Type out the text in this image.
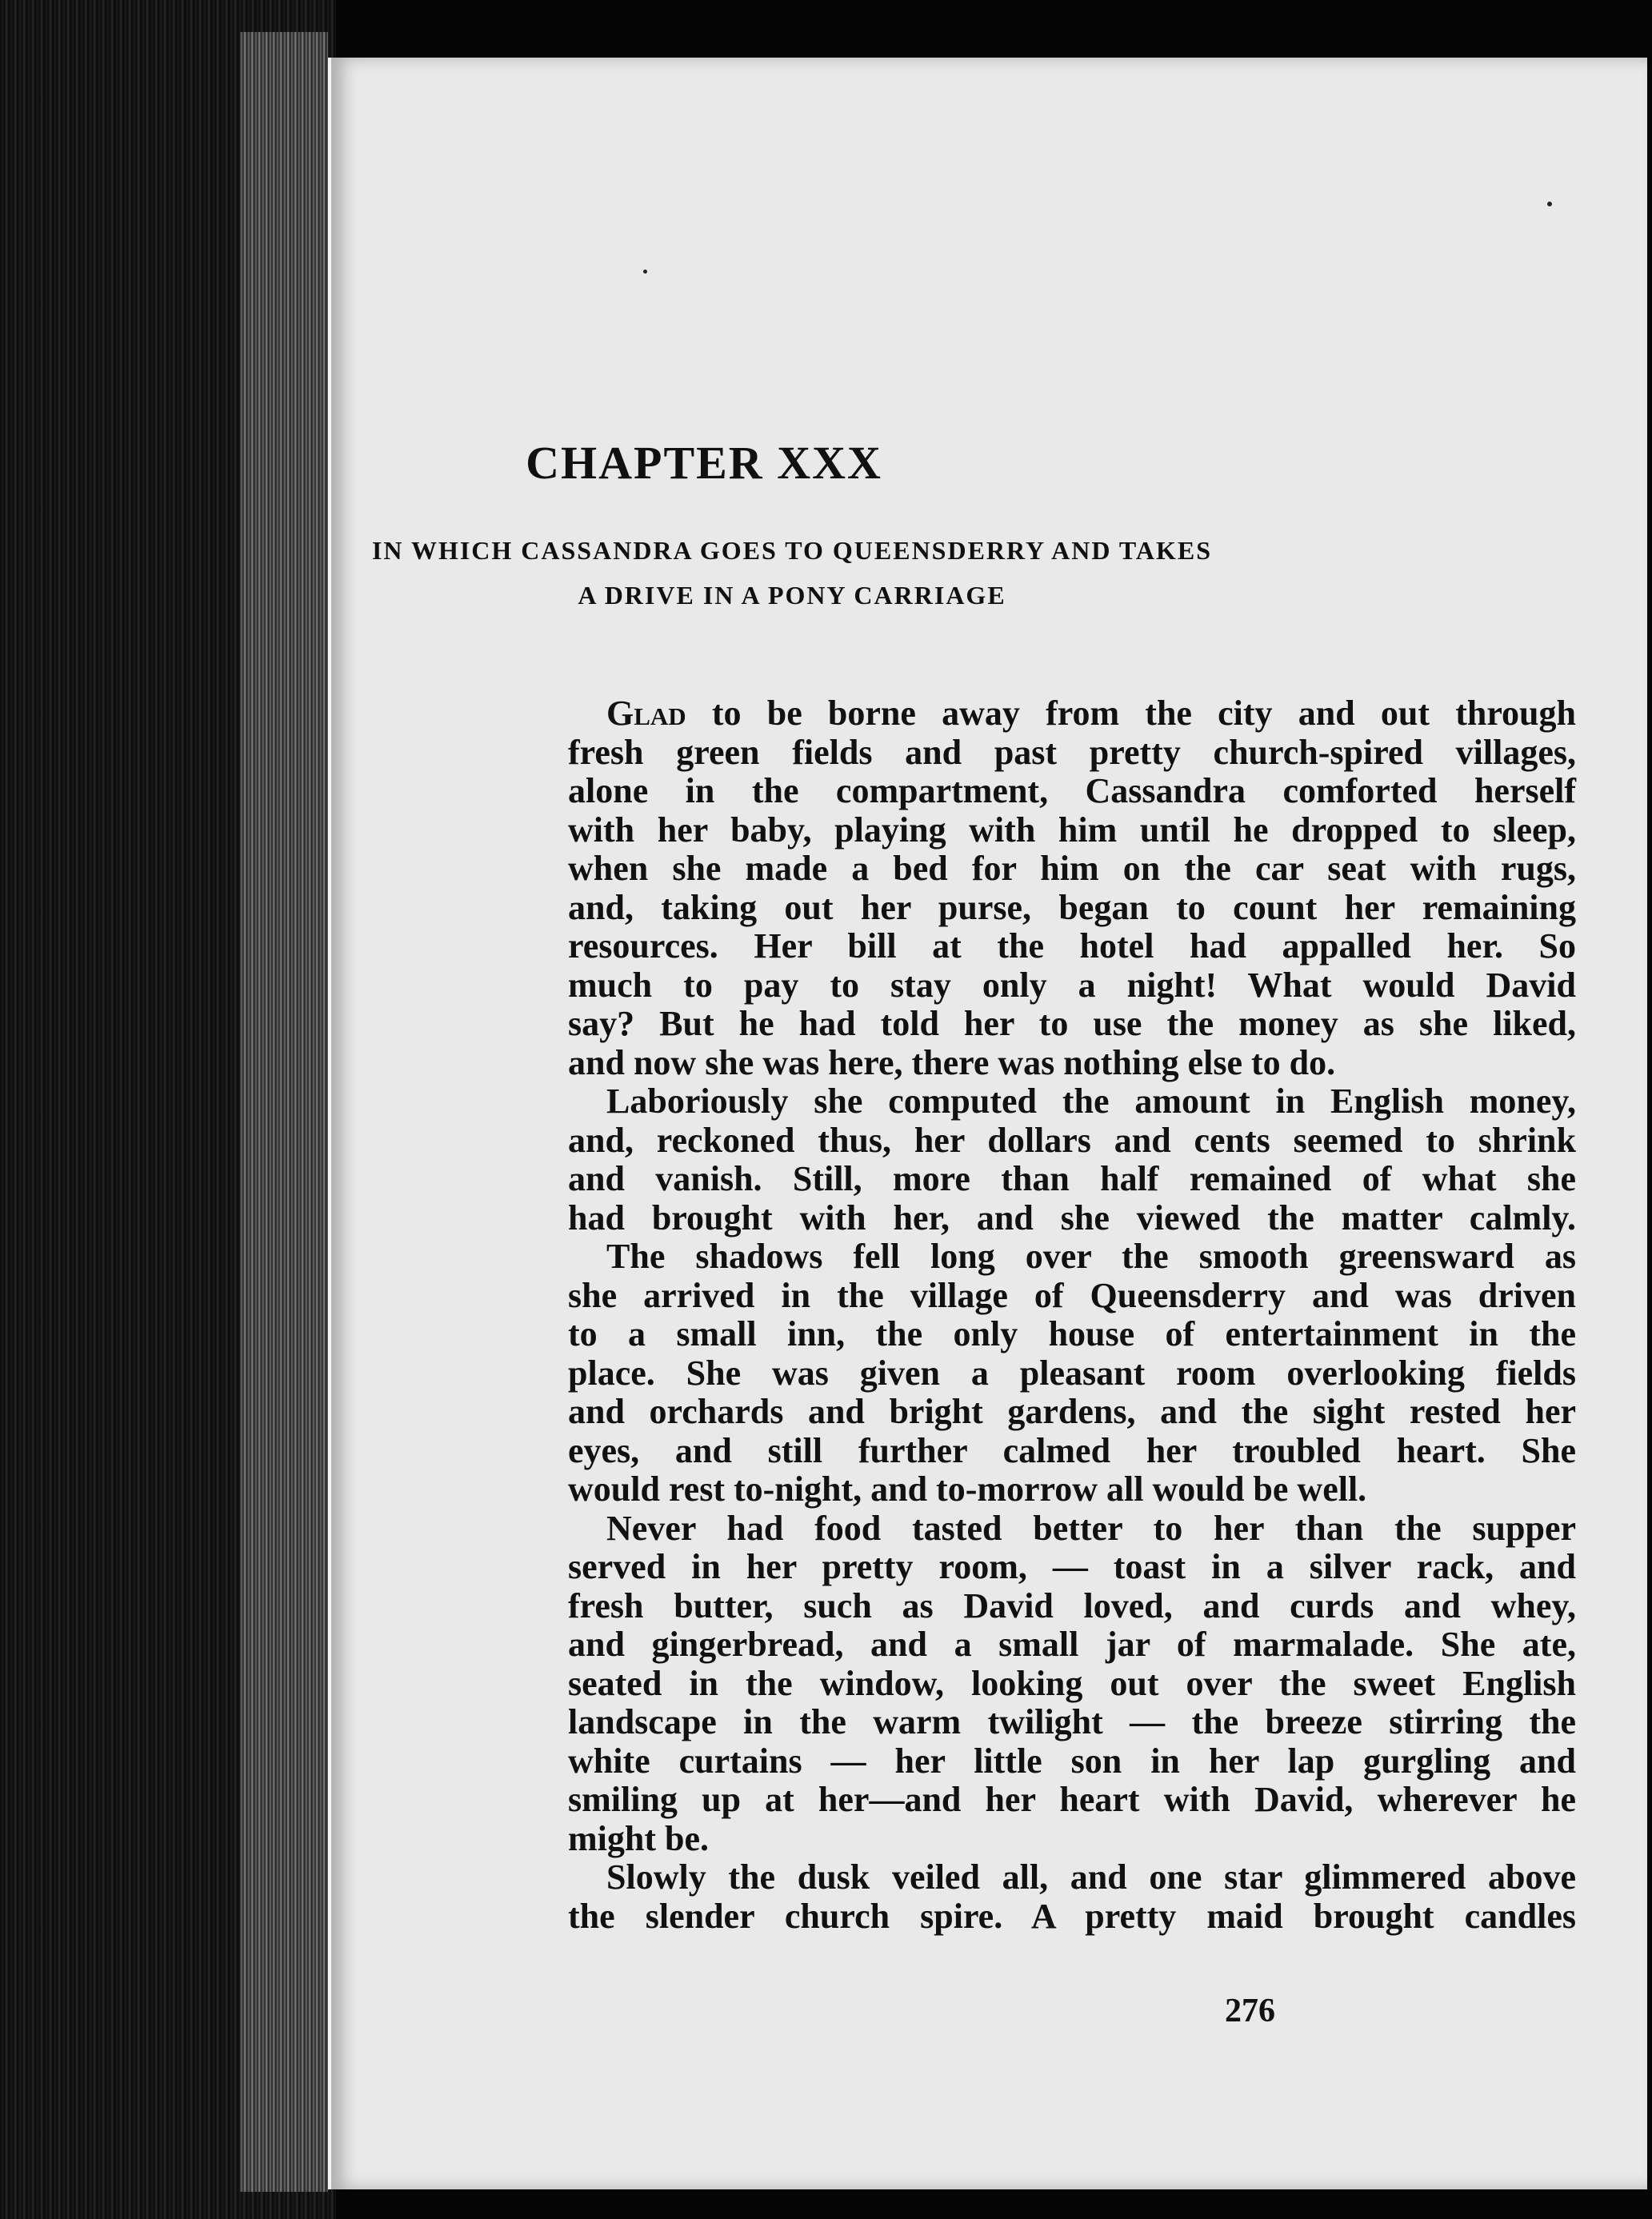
CHAPTER XXX
IN WHICH CASSANDRA GOES TO QUEENSDERRY AND TAKES
A DRIVE IN A PONY CARRIAGE
Glad to be borne away from the city and out through
fresh green fields and past pretty church-spired villages,
alone in the compartment, Cassandra comforted herself
with her baby, playing with him until he dropped to sleep,
when she made a bed for him on the car seat with rugs,
and, taking out her purse, began to count her remaining
resources. Her bill at the hotel had appalled her. So
much to pay to stay only a night! What would David
say? But he had told her to use the money as she liked,
and now she was here, there was nothing else to do.
Laboriously she computed the amount in English money,
and, reckoned thus, her dollars and cents seemed to shrink
and vanish. Still, more than half remained of what she
had brought with her, and she viewed the matter calmly.
The shadows fell long over the smooth greensward as
she arrived in the village of Queensderry and was driven
to a small inn, the only house of entertainment in the
place. She was given a pleasant room overlooking fields
and orchards and bright gardens, and the sight rested her
eyes, and still further calmed her troubled heart. She
would rest to-night, and to-morrow all would be well.
Never had food tasted better to her than the supper
served in her pretty room, — toast in a silver rack, and
fresh butter, such as David loved, and curds and whey,
and gingerbread, and a small jar of marmalade. She ate,
seated in the window, looking out over the sweet English
landscape in the warm twilight — the breeze stirring the
white curtains — her little son in her lap gurgling and
smiling up at her—and her heart with David, wherever he
might be.
Slowly the dusk veiled all, and one star glimmered above
the slender church spire. A pretty maid brought candles
276
